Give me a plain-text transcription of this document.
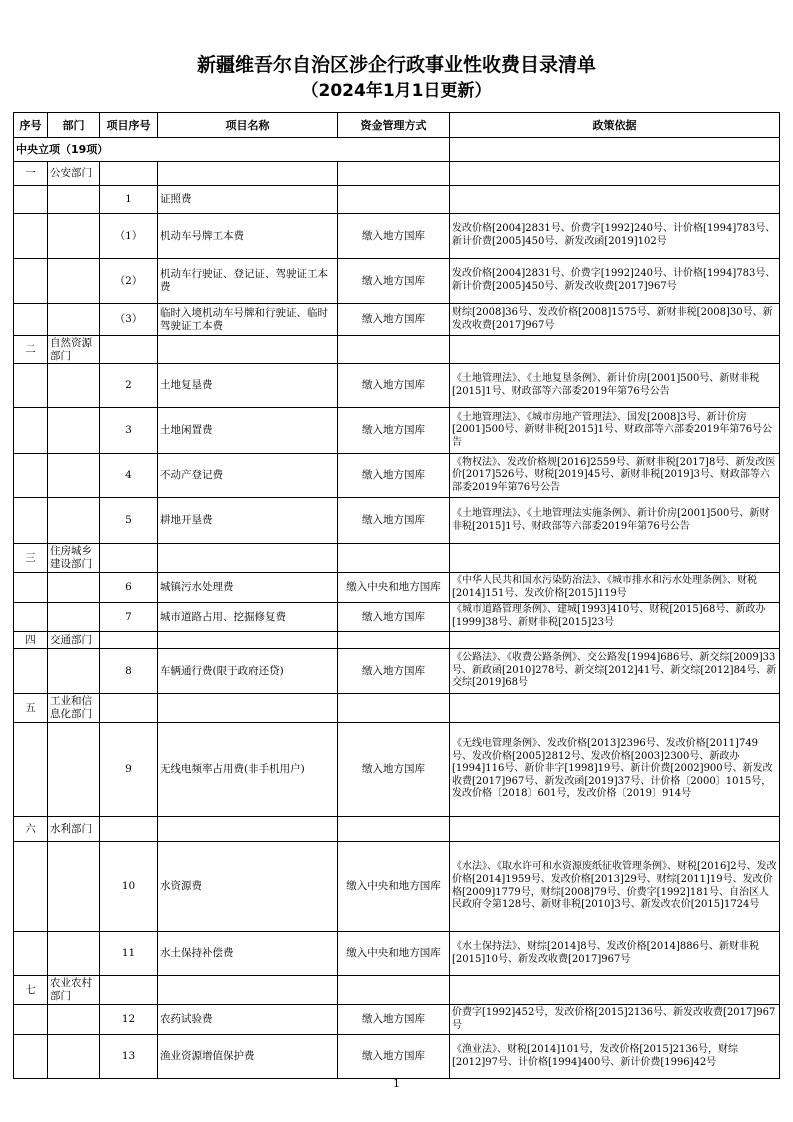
新疆维吾尔自治区涉企行政事业性收费目录清单
（2024年1月1日更新）
序号	部门	项目序号	项目名称	资金管理方式	政策依据
中央立项（19项）					
一	公安部门				
		1	证照费		
		（1）	机动车号牌工本费	缴入地方国库	发改价格[2004]2831号、价费字[1992]240号、计价格[1994]783号、新计价费[2005]450号、新发改函[2019]102号
		（2）	机动车行驶证、登记证、驾驶证工本费	缴入地方国库	发改价格[2004]2831号、价费字[1992]240号、计价格[1994]783号、新计价费[2005]450号、新发改收费[2017]967号
		（3）	临时入境机动车号牌和行驶证、临时驾驶证工本费	缴入地方国库	财综[2008]36号、发改价格[2008]1575号、新财非税[2008]30号、新发改收费[2017]967号
二	自然资源部门				
		2	土地复垦费	缴入地方国库	《土地管理法》、《土地复垦条例》、新计价房[2001]500号、新财非税[2015]1号、财政部等六部委2019年第76号公告
		3	土地闲置费	缴入地方国库	《土地管理法》、《城市房地产管理法》、国发[2008]3号、新计价房[2001]500号、新财非税[2015]1号、财政部等六部委2019年第76号公告
		4	不动产登记费	缴入地方国库	《物权法》、发改价格规[2016]2559号、新财非税[2017]8号、新发改医价[2017]526号、财税[2019]45号、新财非税[2019]3号、财政部等六部委2019年第76号公告
		5	耕地开垦费	缴入地方国库	《土地管理法》、《土地管理法实施条例》、新计价房[2001]500号、新财非税[2015]1号、财政部等六部委2019年第76号公告
三	住房城乡建设部门				
		6	城镇污水处理费	缴入中央和地方国库	《中华人民共和国水污染防治法》、《城市排水和污水处理条例》、财税[2014]151号、发改价格[2015]119号
		7	城市道路占用、挖掘修复费	缴入地方国库	《城市道路管理条例》、建城[1993]410号、财税[2015]68号、新政办[1999]38号、新财非税[2015]23号
四	交通部门				
		8	车辆通行费(限于政府还贷)	缴入地方国库	《公路法》、《收费公路条例》、交公路发[1994]686号、新交综[2009]33号、新政函[2010]278号、新交综[2012]41号、新交综[2012]84号、新交综[2019]68号
五	工业和信息化部门				
		9	无线电频率占用费(非手机用户)	缴入地方国库	《无线电管理条例》、发改价格[2013]2396号、发改价格[2011]749号、发改价格[2005]2812号、发改价格[2003]2300号、新政办[1994]116号、新价非字[1998]19号、新计价费[2002]900号、新发改收费[2017]967号、新发改函[2019]37号、计价格〔2000〕1015号，发改价格〔2018〕601号，发改价格〔2019〕914号
六	水利部门				
		10	水资源费	缴入中央和地方国库	《水法》、《取水许可和水资源废纸征收管理条例》、财税[2016]2号、发改价格[2014]1959号、发改价格[2013]29号、财综[2011]19号、发改价格[2009]1779号，财综[2008]79号、价费字[1992]181号、自治区人民政府令第128号、新财非税[2010]3号、新发改农价[2015]1724号
		11	水土保持补偿费	缴入中央和地方国库	《水土保持法》、财综[2014]8号、发改价格[2014]886号、新财非税[2015]10号、新发改收费[2017]967号
七	农业农村部门				
		12	农药试验费	缴入地方国库	价费字[1992]452号，发改价格[2015]2136号、新发改收费[2017]967号
		13	渔业资源增值保护费	缴入地方国库	《渔业法》、财税[2014]101号，发改价格[2015]2136号，财综[2012]97号、计价格[1994]400号、新计价费[1996]42号
1
